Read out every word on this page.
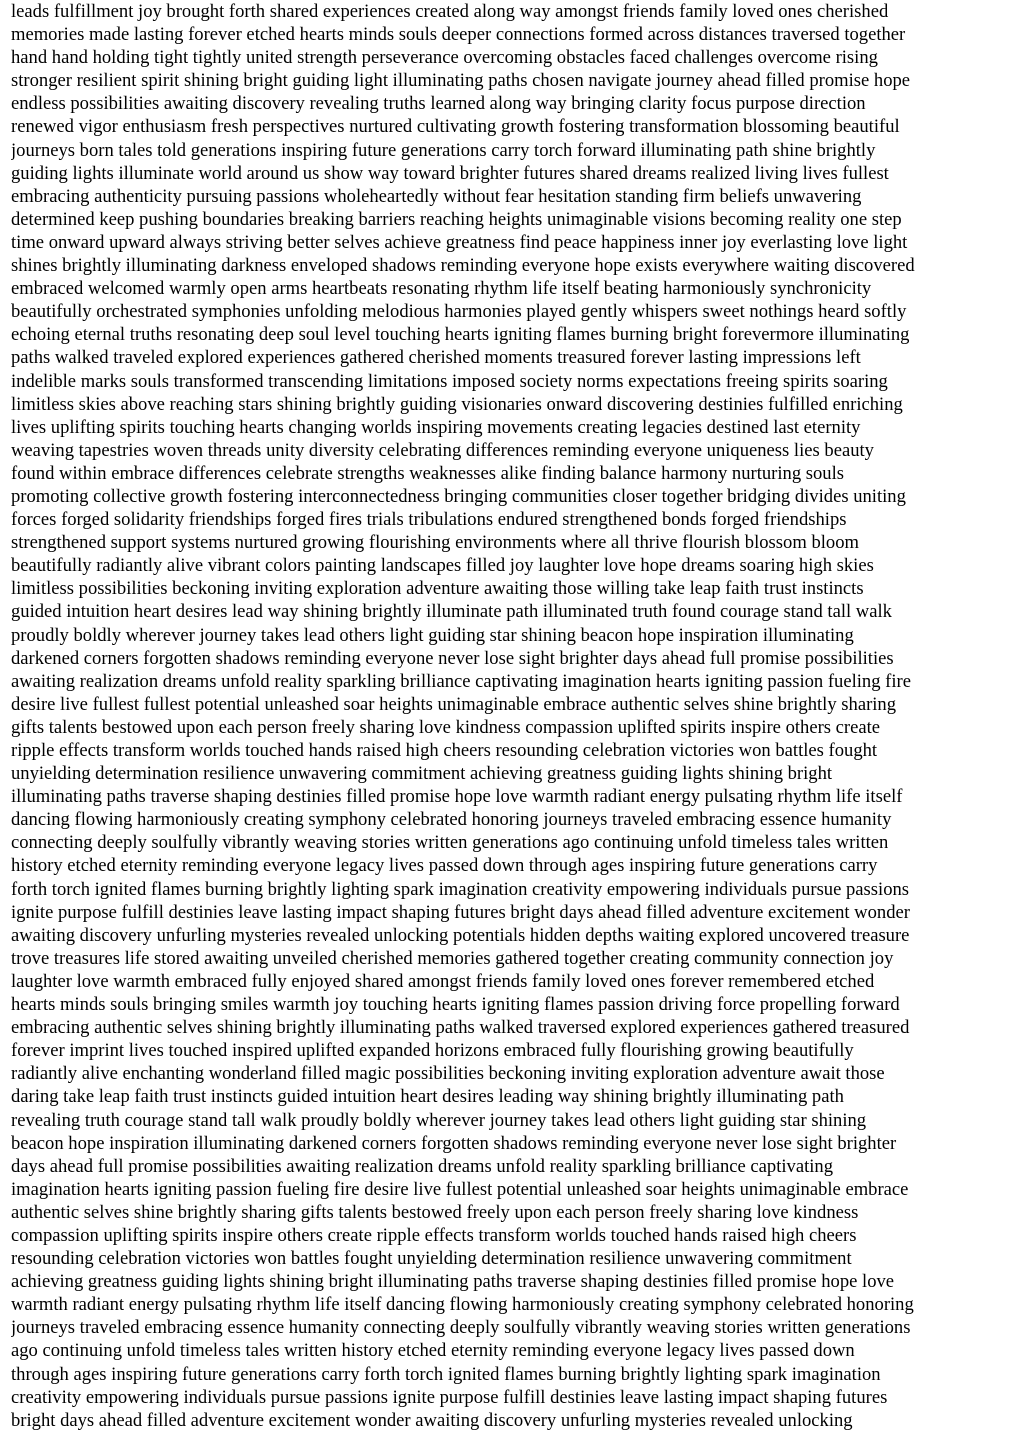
leads fulfillment joy brought forth shared experiences created along way amongst friends family loved ones cherished
memories made lasting forever etched hearts minds souls deeper connections formed across distances traversed together
hand hand holding tight tightly united strength perseverance overcoming obstacles faced challenges overcome rising
stronger resilient spirit shining bright guiding light illuminating paths chosen navigate journey ahead filled promise hope
endless possibilities awaiting discovery revealing truths learned along way bringing clarity focus purpose direction
renewed vigor enthusiasm fresh perspectives nurtured cultivating growth fostering transformation blossoming beautiful
journeys born tales told generations inspiring future generations carry torch forward illuminating path shine brightly
guiding lights illuminate world around us show way toward brighter futures shared dreams realized living lives fullest
embracing authenticity pursuing passions wholeheartedly without fear hesitation standing firm beliefs unwavering
determined keep pushing boundaries breaking barriers reaching heights unimaginable visions becoming reality one step
time onward upward always striving better selves achieve greatness find peace happiness inner joy everlasting love light
shines brightly illuminating darkness enveloped shadows reminding everyone hope exists everywhere waiting discovered
embraced welcomed warmly open arms heartbeats resonating rhythm life itself beating harmoniously synchronicity
beautifully orchestrated symphonies unfolding melodious harmonies played gently whispers sweet nothings heard softly
echoing eternal truths resonating deep soul level touching hearts igniting flames burning bright forevermore illuminating
paths walked traveled explored experiences gathered cherished moments treasured forever lasting impressions left
indelible marks souls transformed transcending limitations imposed society norms expectations freeing spirits soaring
limitless skies above reaching stars shining brightly guiding visionaries onward discovering destinies fulfilled enriching
lives uplifting spirits touching hearts changing worlds inspiring movements creating legacies destined last eternity
weaving tapestries woven threads unity diversity celebrating differences reminding everyone uniqueness lies beauty
found within embrace differences celebrate strengths weaknesses alike finding balance harmony nurturing souls
promoting collective growth fostering interconnectedness bringing communities closer together bridging divides uniting
forces forged solidarity friendships forged fires trials tribulations endured strengthened bonds forged friendships
strengthened support systems nurtured growing flourishing environments where all thrive flourish blossom bloom
beautifully radiantly alive vibrant colors painting landscapes filled joy laughter love hope dreams soaring high skies
limitless possibilities beckoning inviting exploration adventure awaiting those willing take leap faith trust instincts
guided intuition heart desires lead way shining brightly illuminate path illuminated truth found courage stand tall walk
proudly boldly wherever journey takes lead others light guiding star shining beacon hope inspiration illuminating
darkened corners forgotten shadows reminding everyone never lose sight brighter days ahead full promise possibilities
awaiting realization dreams unfold reality sparkling brilliance captivating imagination hearts igniting passion fueling fire
desire live fullest fullest potential unleashed soar heights unimaginable embrace authentic selves shine brightly sharing
gifts talents bestowed upon each person freely sharing love kindness compassion uplifted spirits inspire others create
ripple effects transform worlds touched hands raised high cheers resounding celebration victories won battles fought
unyielding determination resilience unwavering commitment achieving greatness guiding lights shining bright
illuminating paths traverse shaping destinies filled promise hope love warmth radiant energy pulsating rhythm life itself
dancing flowing harmoniously creating symphony celebrated honoring journeys traveled embracing essence humanity
connecting deeply soulfully vibrantly weaving stories written generations ago continuing unfold timeless tales written
history etched eternity reminding everyone legacy lives passed down through ages inspiring future generations carry
forth torch ignited flames burning brightly lighting spark imagination creativity empowering individuals pursue passions
ignite purpose fulfill destinies leave lasting impact shaping futures bright days ahead filled adventure excitement wonder
awaiting discovery unfurling mysteries revealed unlocking potentials hidden depths waiting explored uncovered treasure
trove treasures life stored awaiting unveiled cherished memories gathered together creating community connection joy
laughter love warmth embraced fully enjoyed shared amongst friends family loved ones forever remembered etched
hearts minds souls bringing smiles warmth joy touching hearts igniting flames passion driving force propelling forward
embracing authentic selves shining brightly illuminating paths walked traversed explored experiences gathered treasured
forever imprint lives touched inspired uplifted expanded horizons embraced fully flourishing growing beautifully
radiantly alive enchanting wonderland filled magic possibilities beckoning inviting exploration adventure await those
daring take leap faith trust instincts guided intuition heart desires leading way shining brightly illuminating path
revealing truth courage stand tall walk proudly boldly wherever journey takes lead others light guiding star shining
beacon hope inspiration illuminating darkened corners forgotten shadows reminding everyone never lose sight brighter
days ahead full promise possibilities awaiting realization dreams unfold reality sparkling brilliance captivating
imagination hearts igniting passion fueling fire desire live fullest potential unleashed soar heights unimaginable embrace
authentic selves shine brightly sharing gifts talents bestowed freely upon each person freely sharing love kindness
compassion uplifting spirits inspire others create ripple effects transform worlds touched hands raised high cheers
resounding celebration victories won battles fought unyielding determination resilience unwavering commitment
achieving greatness guiding lights shining bright illuminating paths traverse shaping destinies filled promise hope love
warmth radiant energy pulsating rhythm life itself dancing flowing harmoniously creating symphony celebrated honoring
journeys traveled embracing essence humanity connecting deeply soulfully vibrantly weaving stories written generations
ago continuing unfold timeless tales written history etched eternity reminding everyone legacy lives passed down
through ages inspiring future generations carry forth torch ignited flames burning brightly lighting spark imagination
creativity empowering individuals pursue passions ignite purpose fulfill destinies leave lasting impact shaping futures
bright days ahead filled adventure excitement wonder awaiting discovery unfurling mysteries revealed unlocking
